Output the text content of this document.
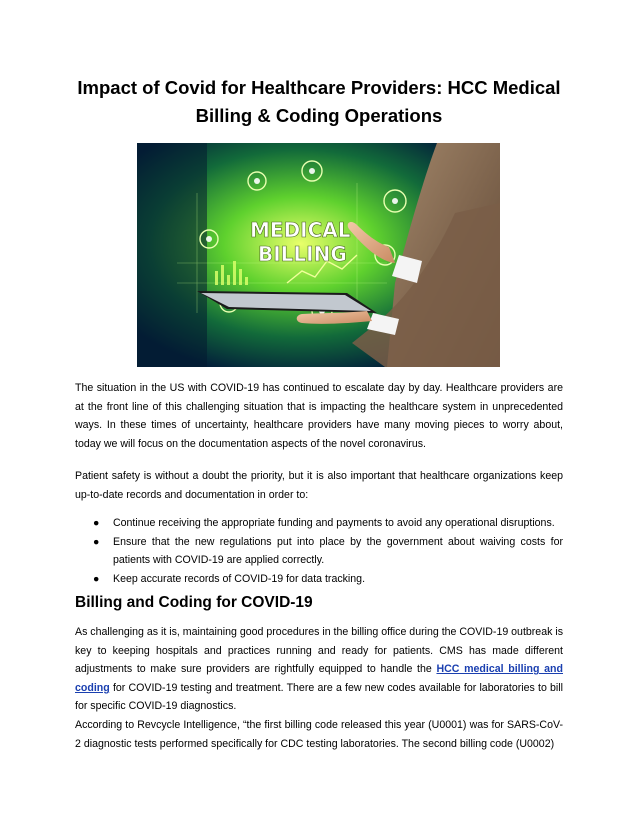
Impact of Covid for Healthcare Providers: HCC Medical Billing & Coding Operations
MEDICAL
BILLING

The situation in the US with COVID-19 has continued to escalate day by day. Healthcare providers are at the front line of this challenging situation that is impacting the healthcare system in unprecedented ways. In these times of uncertainty, healthcare providers have many moving pieces to worry about, today we will focus on the documentation aspects of the novel coronavirus.

Patient safety is without a doubt the priority, but it is also important that healthcare organizations keep up-to-date records and documentation in order to:

● Continue receiving the appropriate funding and payments to avoid any operational disruptions.
● Ensure that the new regulations put into place by the government about waiving costs for patients with COVID-19 are applied correctly.
● Keep accurate records of COVID-19 for data tracking.
Billing and Coding for COVID-19

As challenging as it is, maintaining good procedures in the billing office during the COVID-19 outbreak is key to keeping hospitals and practices running and ready for patients. CMS has made different adjustments to make sure providers are rightfully equipped to handle the HCC medical billing and coding for COVID-19 testing and treatment. There are a few new codes available for laboratories to bill for specific COVID-19 diagnostics.

According to Revcycle Intelligence, “the first billing code released this year (U0001) was for SARS-CoV-2 diagnostic tests performed specifically for CDC testing laboratories. The second billing code (U0002)
